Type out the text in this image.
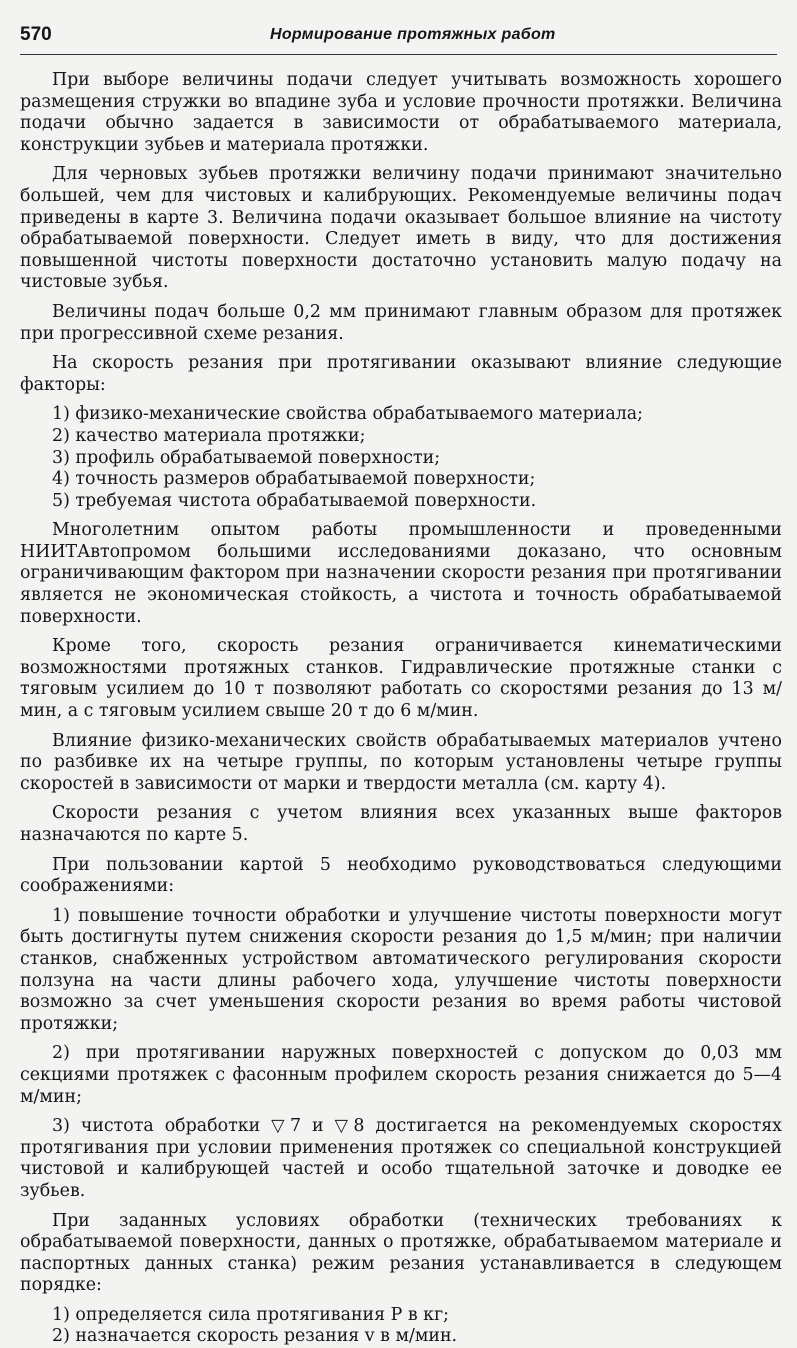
570	Нормирование протяжных работ

При выборе величины подачи следует учитывать возможность хорошего размещения стружки во впадине зуба и условие прочности протяжки. Величина подачи обычно задается в зависимости от обрабатываемого материала, конструкции зубьев и материала протяжки.

Для черновых зубьев протяжки величину подачи принимают значительно большей, чем для чистовых и калибрующих. Рекомендуемые величины подач приведены в карте 3. Величина подачи оказывает большое влияние на чистоту обрабатываемой поверхности. Следует иметь в виду, что для достижения повышенной чистоты поверхности достаточно установить малую подачу на чистовые зубья.

Величины подач больше 0,2 мм принимают главным образом для протяжек при прогрессивной схеме резания.

На скорость резания при протягивании оказывают влияние следующие факторы:

1) физико-механические свойства обрабатываемого материала;

2) качество материала протяжки;

3) профиль обрабатываемой поверхности;

4) точность размеров обрабатываемой поверхности;

5) требуемая чистота обрабатываемой поверхности.

Многолетним опытом работы промышленности и проведенными НИИТАвтопромом большими исследованиями доказано, что основным ограничивающим фактором при назначении скорости резания при протягивании является не экономическая стойкость, а чистота и точность обрабатываемой поверхности.

Кроме того, скорость резания ограничивается кинематическими возможностями протяжных станков. Гидравлические протяжные станки с тяговым усилием до 10 т позволяют работать со скоростями резания до 13 м/мин, а с тяговым усилием свыше 20 т до 6 м/мин.

Влияние физико-механических свойств обрабатываемых материалов учтено по разбивке их на четыре группы, по которым установлены четыре группы скоростей в зависимости от марки и твердости металла (см. карту 4).

Скорости резания с учетом влияния всех указанных выше факторов назначаются по карте 5.

При пользовании картой 5 необходимо руководствоваться следующими соображениями:

1) повышение точности обработки и улучшение чистоты поверхности могут быть достигнуты путем снижения скорости резания до 1,5 м/мин; при наличии станков, снабженных устройством автоматического регулирования скорости ползуна на части длины рабочего хода, улучшение чистоты поверхности возможно за счет уменьшения скорости резания во время работы чистовой протяжки;

2) при протягивании наружных поверхностей с допуском до 0,03 мм секциями протяжек с фасонным профилем скорость резания снижается до 5—4 м/мин;

3) чистота обработки ▽7 и ▽8 достигается на рекомендуемых скоростях протягивания при условии применения протяжек со специальной конструкцией чистовой и калибрующей частей и особо тщательной заточке и доводке ее зубьев.

При заданных условиях обработки (технических требованиях к обрабатываемой поверхности, данных о протяжке, обрабатываемом материале и паспортных данных станка) режим резания устанавливается в следующем порядке:

1) определяется сила протягивания P в кг;

2) назначается скорость резания v в м/мин.
